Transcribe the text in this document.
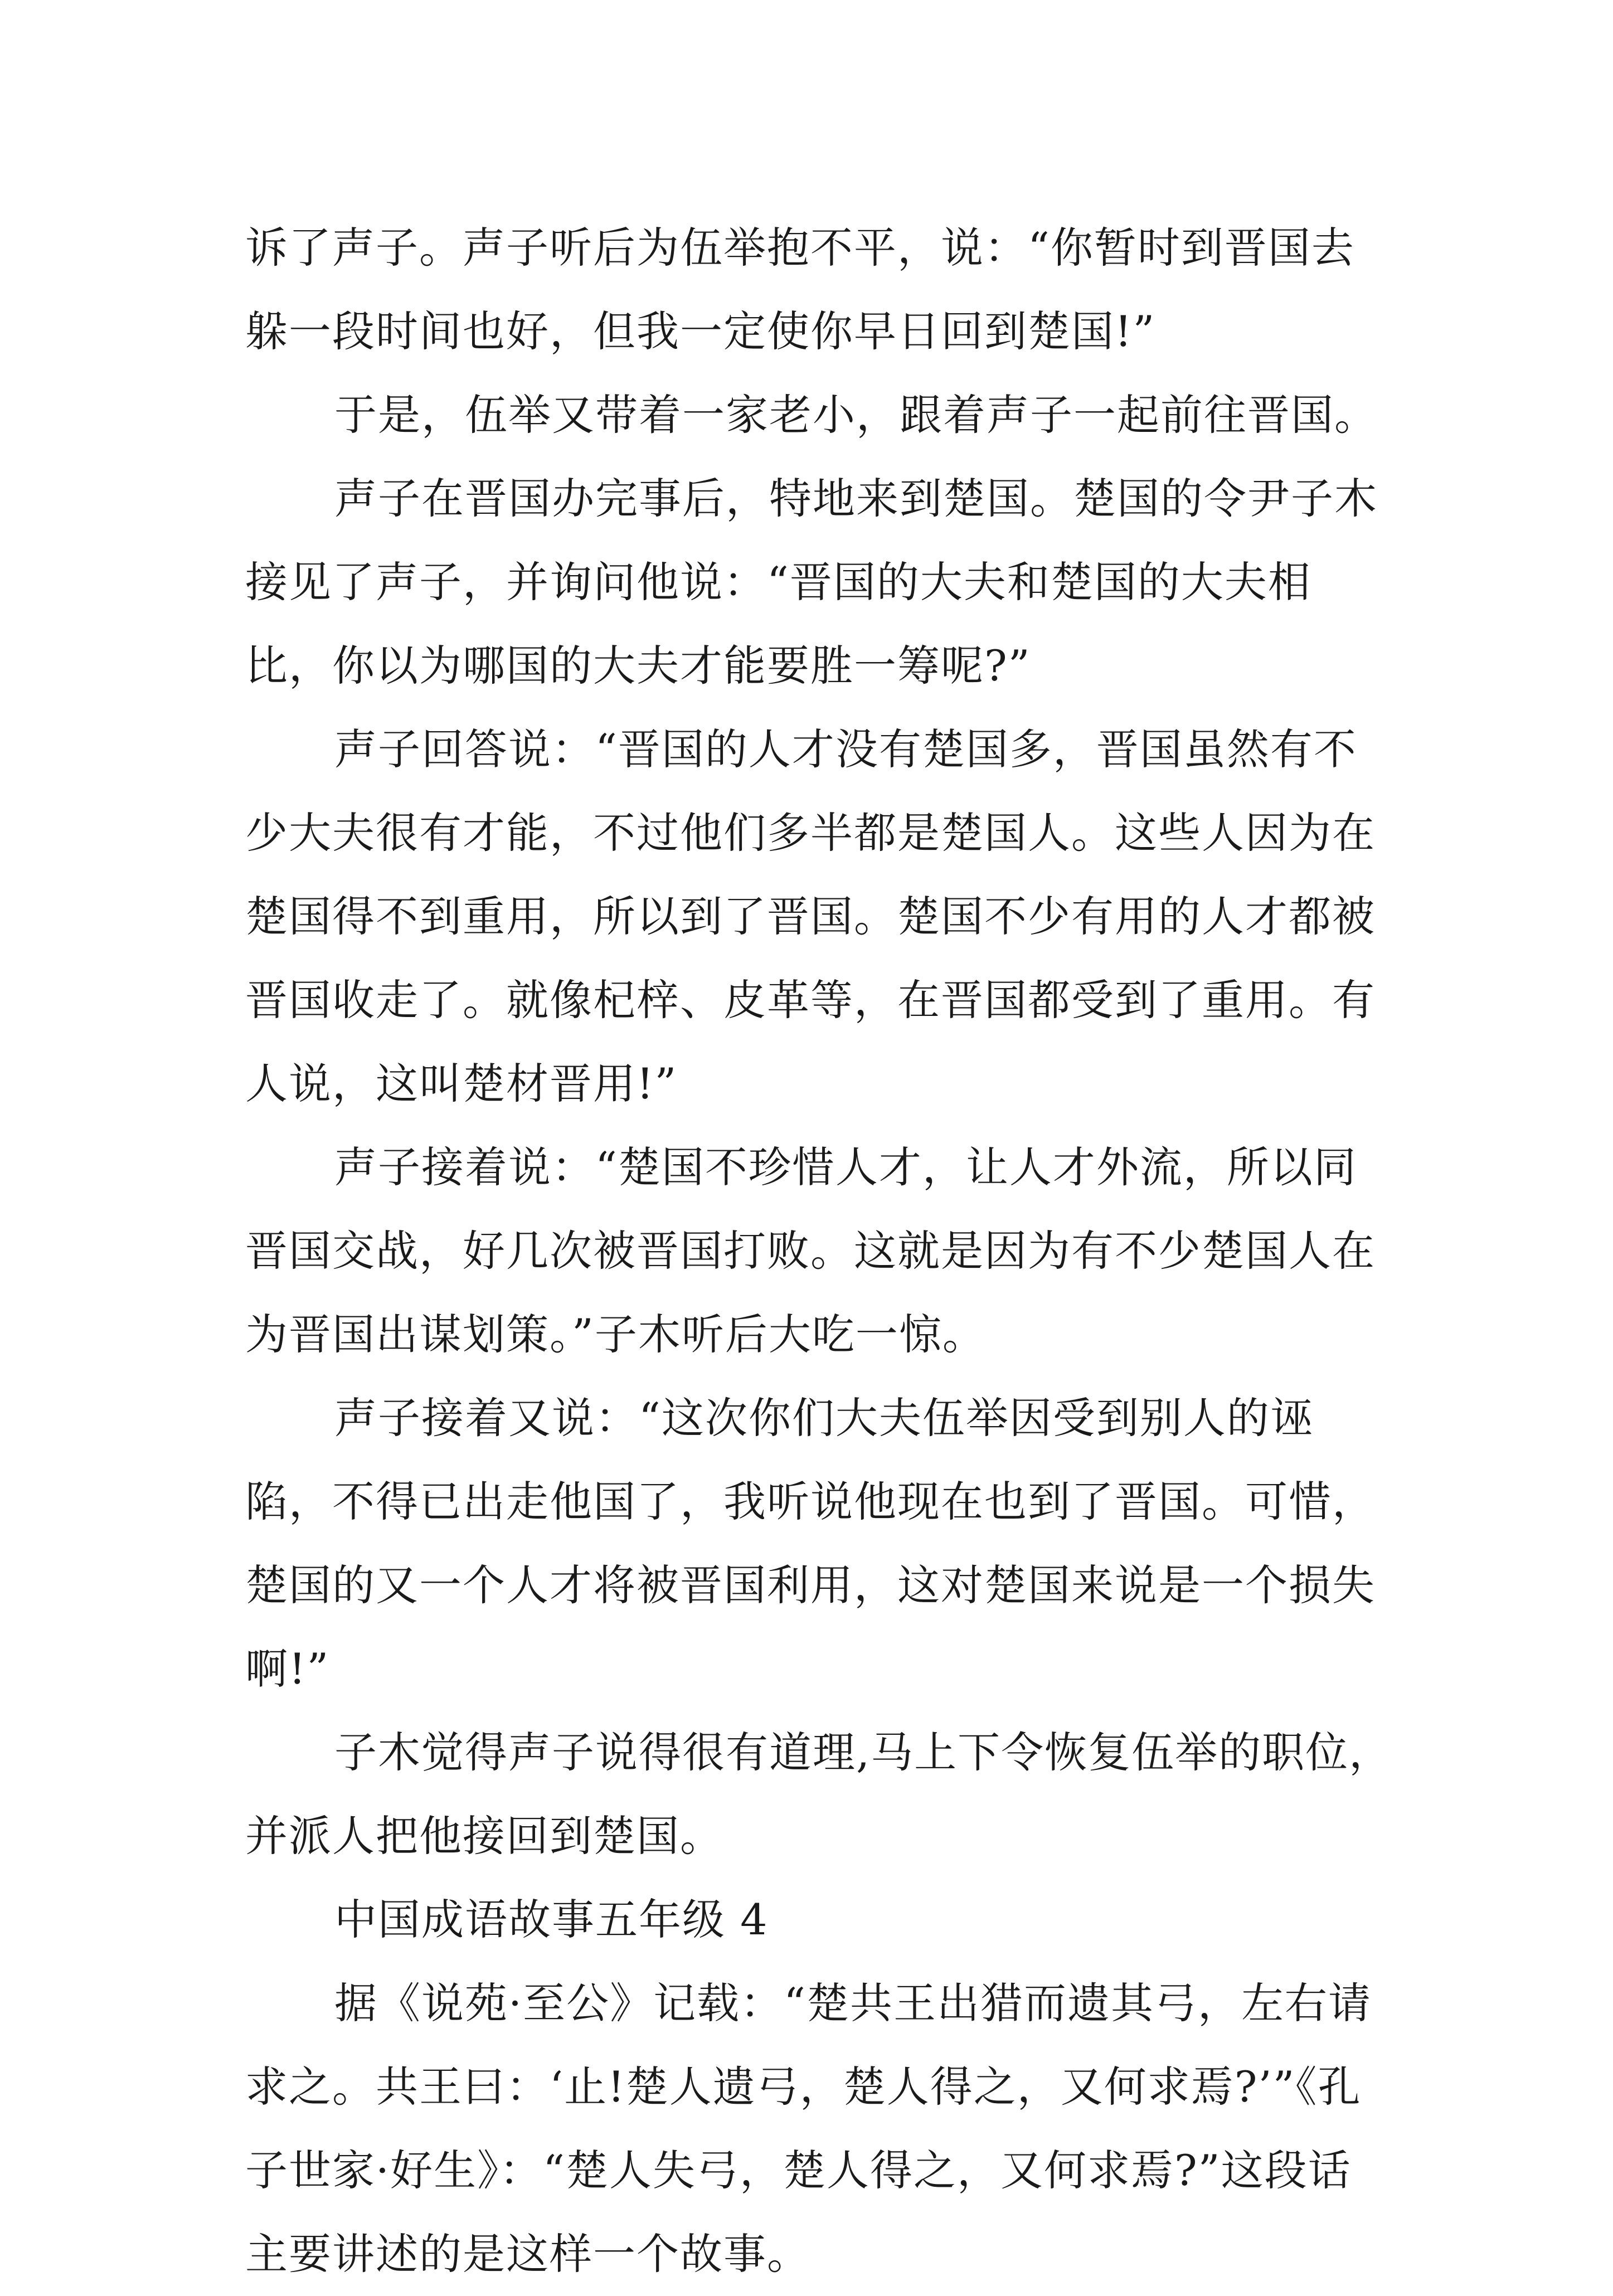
诉了声子。声子听后为伍举抱不平，说：“你暂时到晋国去躲一段时间也好，但我一定使你早日回到楚国!”

于是，伍举又带着一家老小，跟着声子一起前往晋国。

声子在晋国办完事后，特地来到楚国。楚国的令尹子木接见了声子，并询问他说：“晋国的大夫和楚国的大夫相比，你以为哪国的大夫才能要胜一筹呢?”

声子回答说：“晋国的人才没有楚国多，晋国虽然有不少大夫很有才能，不过他们多半都是楚国人。这些人因为在楚国得不到重用，所以到了晋国。楚国不少有用的人才都被晋国收走了。就像杞梓、皮革等，在晋国都受到了重用。有人说，这叫楚材晋用!”

声子接着说：“楚国不珍惜人才，让人才外流，所以同晋国交战，好几次被晋国打败。这就是因为有不少楚国人在为晋国出谋划策。”子木听后大吃一惊。

声子接着又说：“这次你们大夫伍举因受到别人的诬陷，不得已出走他国了，我听说他现在也到了晋国。可惜，楚国的又一个人才将被晋国利用，这对楚国来说是一个损失啊!”

子木觉得声子说得很有道理,马上下令恢复伍举的职位，并派人把他接回到楚国。

中国成语故事五年级 4

据《说苑·至公》记载：“楚共王出猎而遗其弓，左右请求之。共王曰：‘止!楚人遗弓，楚人得之，又何求焉?’”《孔子世家·好生》：“楚人失弓，楚人得之，又何求焉?”这段话主要讲述的是这样一个故事。
